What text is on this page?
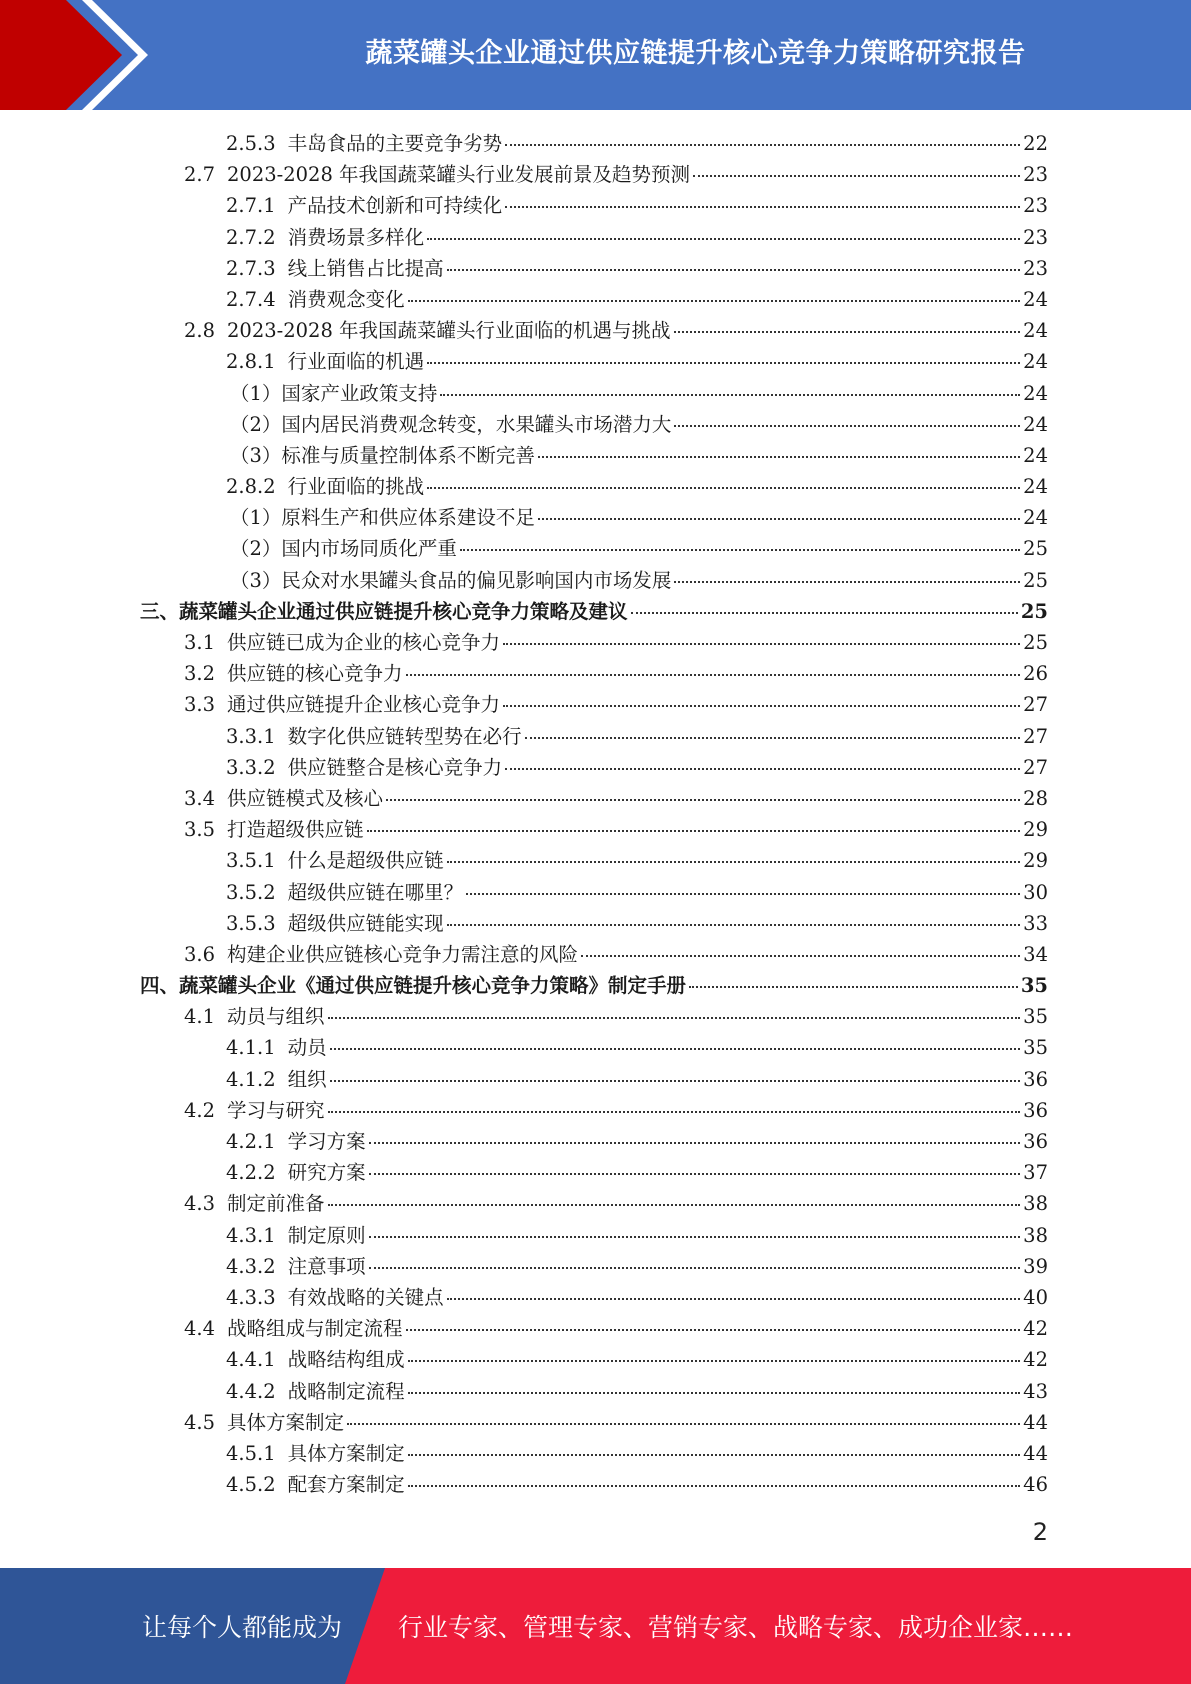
蔬菜罐头企业通过供应链提升核心竞争力策略研究报告
2.5.3 丰岛食品的主要竞争劣势	22
2.7 2023-2028 年我国蔬菜罐头行业发展前景及趋势预测	23
2.7.1 产品技术创新和可持续化	23
2.7.2 消费场景多样化	23
2.7.3 线上销售占比提高	23
2.7.4 消费观念变化	24
2.8 2023-2028 年我国蔬菜罐头行业面临的机遇与挑战	24
2.8.1 行业面临的机遇	24
（1）国家产业政策支持	24
（2）国内居民消费观念转变，水果罐头市场潜力大	24
（3）标准与质量控制体系不断完善	24
2.8.2 行业面临的挑战	24
（1）原料生产和供应体系建设不足	24
（2）国内市场同质化严重	25
（3）民众对水果罐头食品的偏见影响国内市场发展	25
三、蔬菜罐头企业通过供应链提升核心竞争力策略及建议	25
3.1 供应链已成为企业的核心竞争力	25
3.2 供应链的核心竞争力	26
3.3 通过供应链提升企业核心竞争力	27
3.3.1 数字化供应链转型势在必行	27
3.3.2 供应链整合是核心竞争力	27
3.4 供应链模式及核心	28
3.5 打造超级供应链	29
3.5.1 什么是超级供应链	29
3.5.2 超级供应链在哪里？	30
3.5.3 超级供应链能实现	33
3.6 构建企业供应链核心竞争力需注意的风险	34
四、蔬菜罐头企业《通过供应链提升核心竞争力策略》制定手册	35
4.1 动员与组织	35
4.1.1 动员	35
4.1.2 组织	36
4.2 学习与研究	36
4.2.1 学习方案	36
4.2.2 研究方案	37
4.3 制定前准备	38
4.3.1 制定原则	38
4.3.2 注意事项	39
4.3.3 有效战略的关键点	40
4.4 战略组成与制定流程	42
4.4.1 战略结构组成	42
4.4.2 战略制定流程	43
4.5 具体方案制定	44
4.5.1 具体方案制定	44
4.5.2 配套方案制定	46
2
让每个人都能成为 行业专家、管理专家、营销专家、战略专家、成功企业家……
